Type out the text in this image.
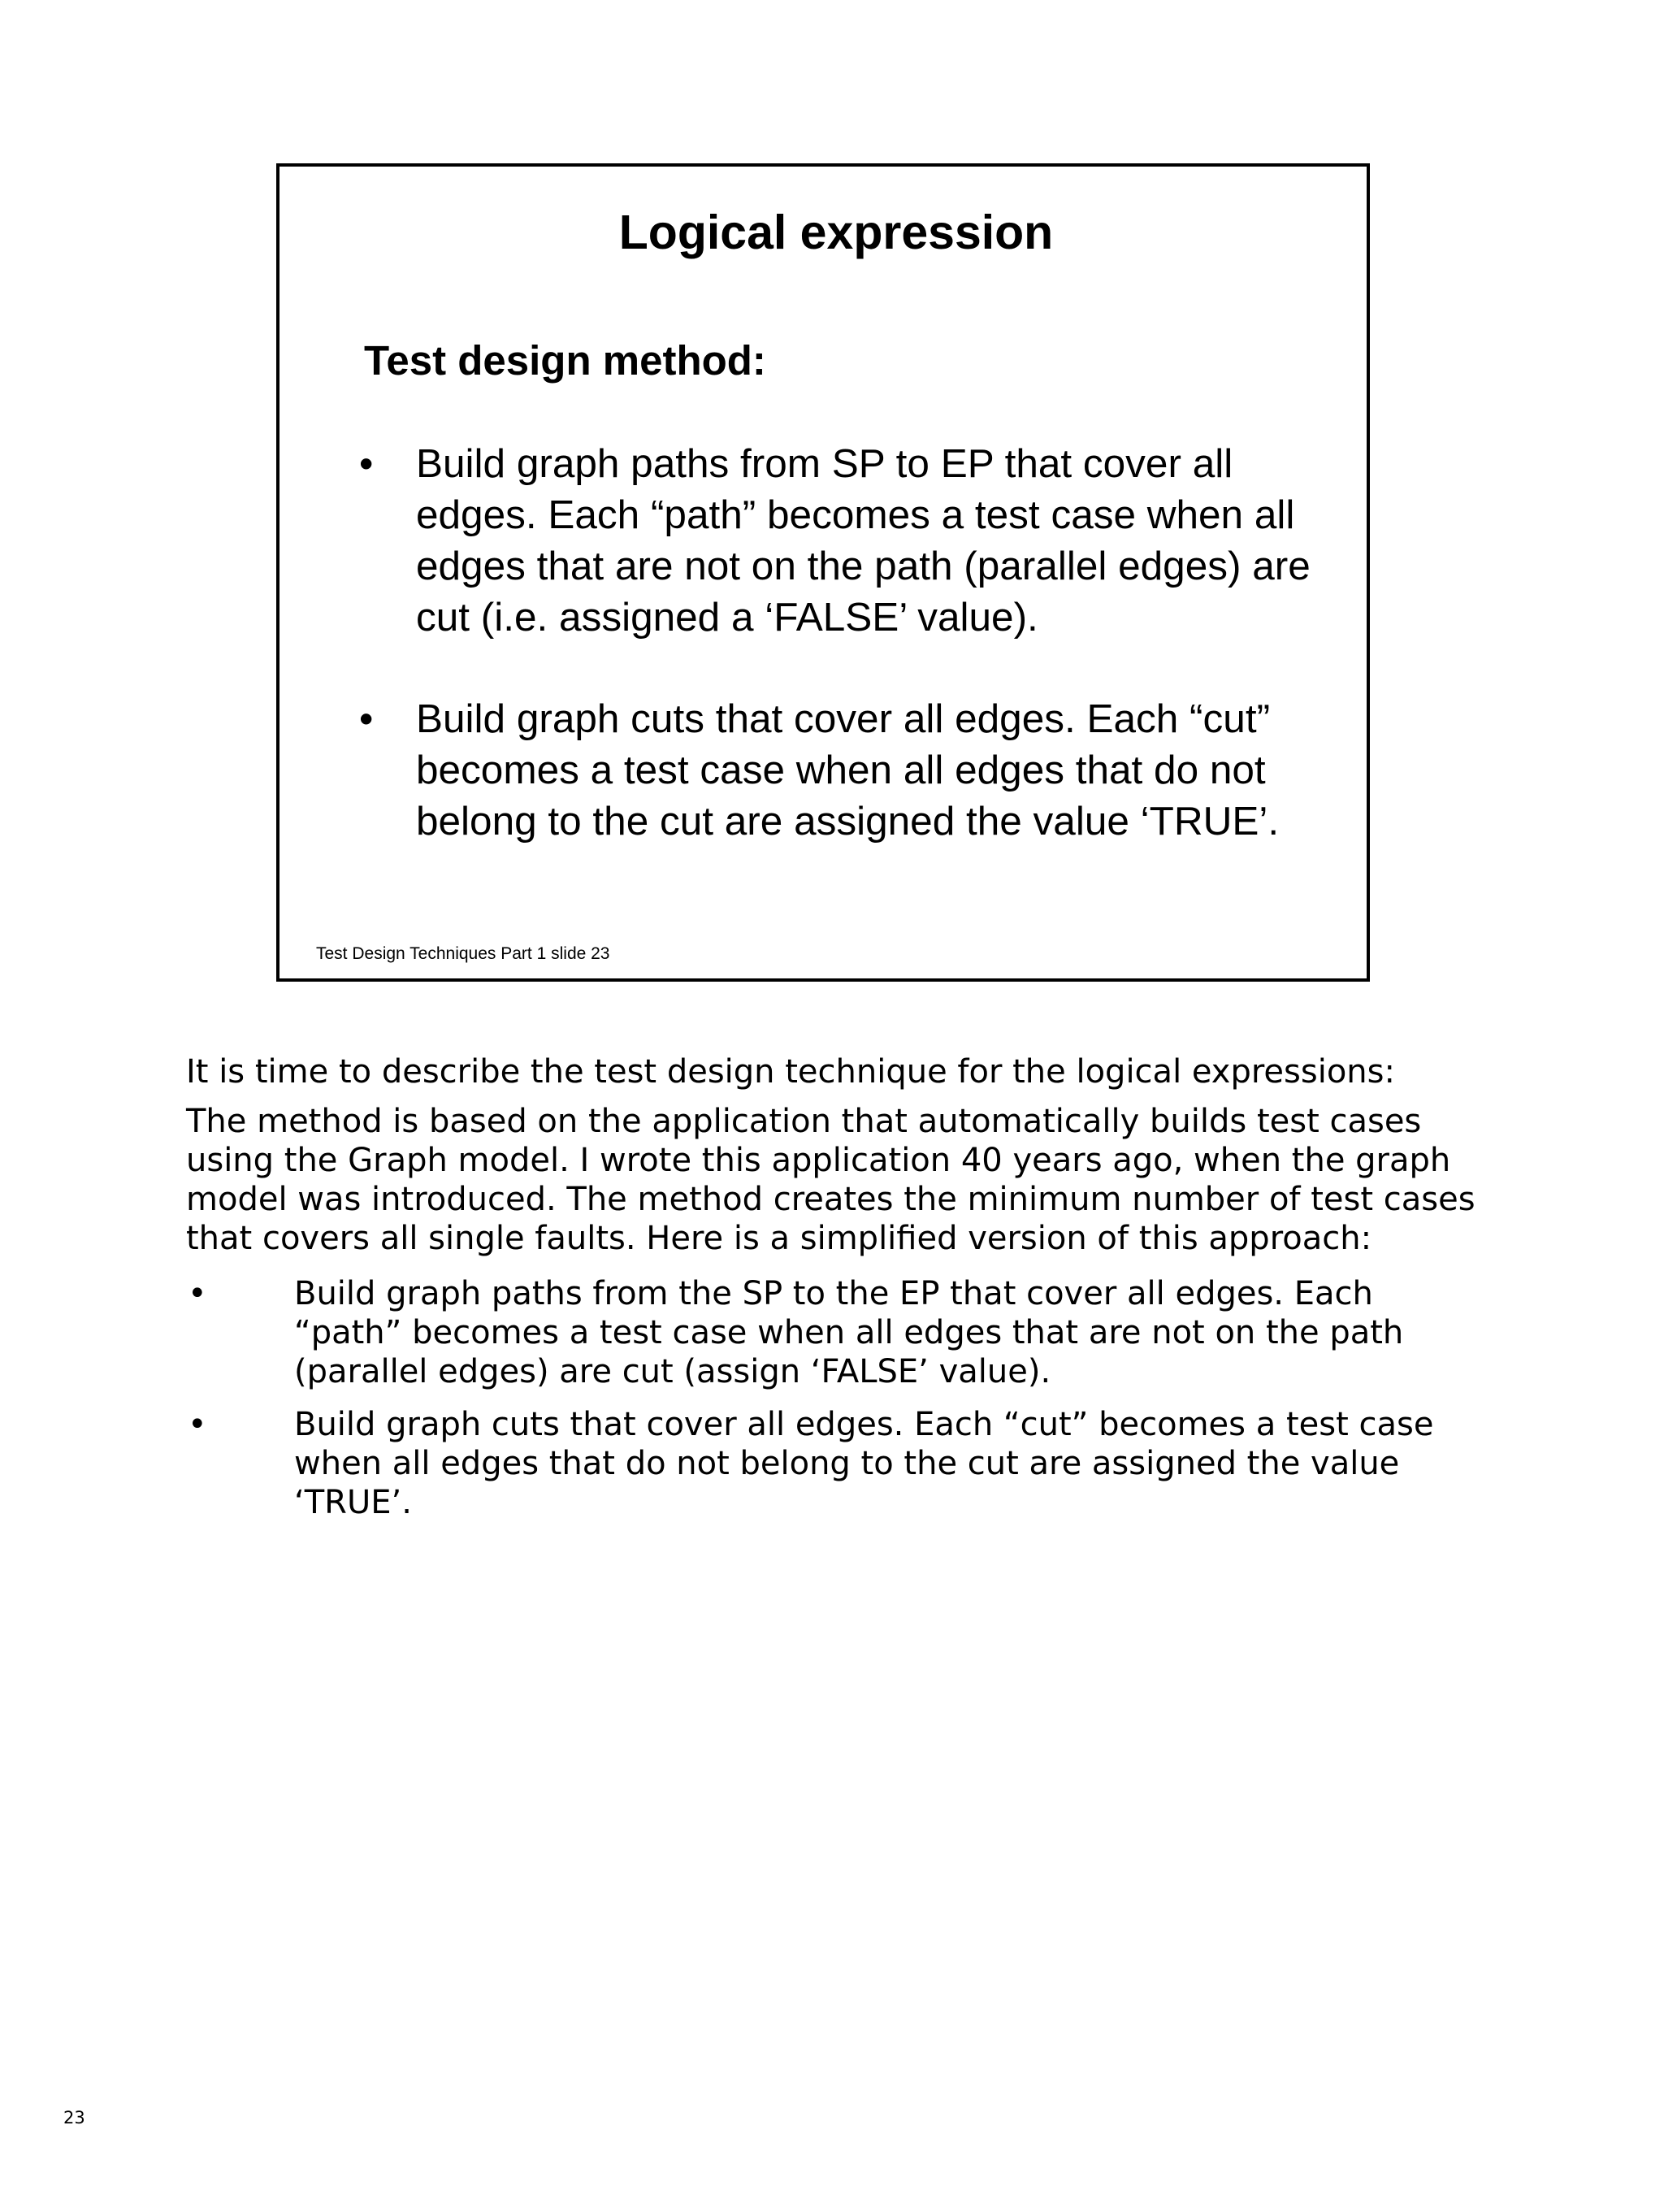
Logical expression
Test design method:
• Build graph paths from SP to EP that cover all edges. Each “path” becomes a test case when all edges that are not on the path (parallel edges) are cut (i.e. assigned a ‘FALSE’ value).
• Build graph cuts that cover all edges. Each “cut” becomes a test case when all edges that do not belong to the cut are assigned the value ‘TRUE’.
Test Design Techniques Part 1 slide 23
It is time to describe the test design technique for the logical expressions:
The method is based on the application that automatically builds test cases using the Graph model. I wrote this application 40 years ago, when the graph model was introduced. The method creates the minimum number of test cases that covers all single faults. Here is a simplified version of this approach:
•	Build graph paths from the SP to the EP that cover all edges. Each “path” becomes a test case when all edges that are not on the path (parallel edges) are cut (assign ‘FALSE’ value).
•	Build graph cuts that cover all edges. Each “cut” becomes a test case when all edges that do not belong to the cut are assigned the value ‘TRUE’.
23
